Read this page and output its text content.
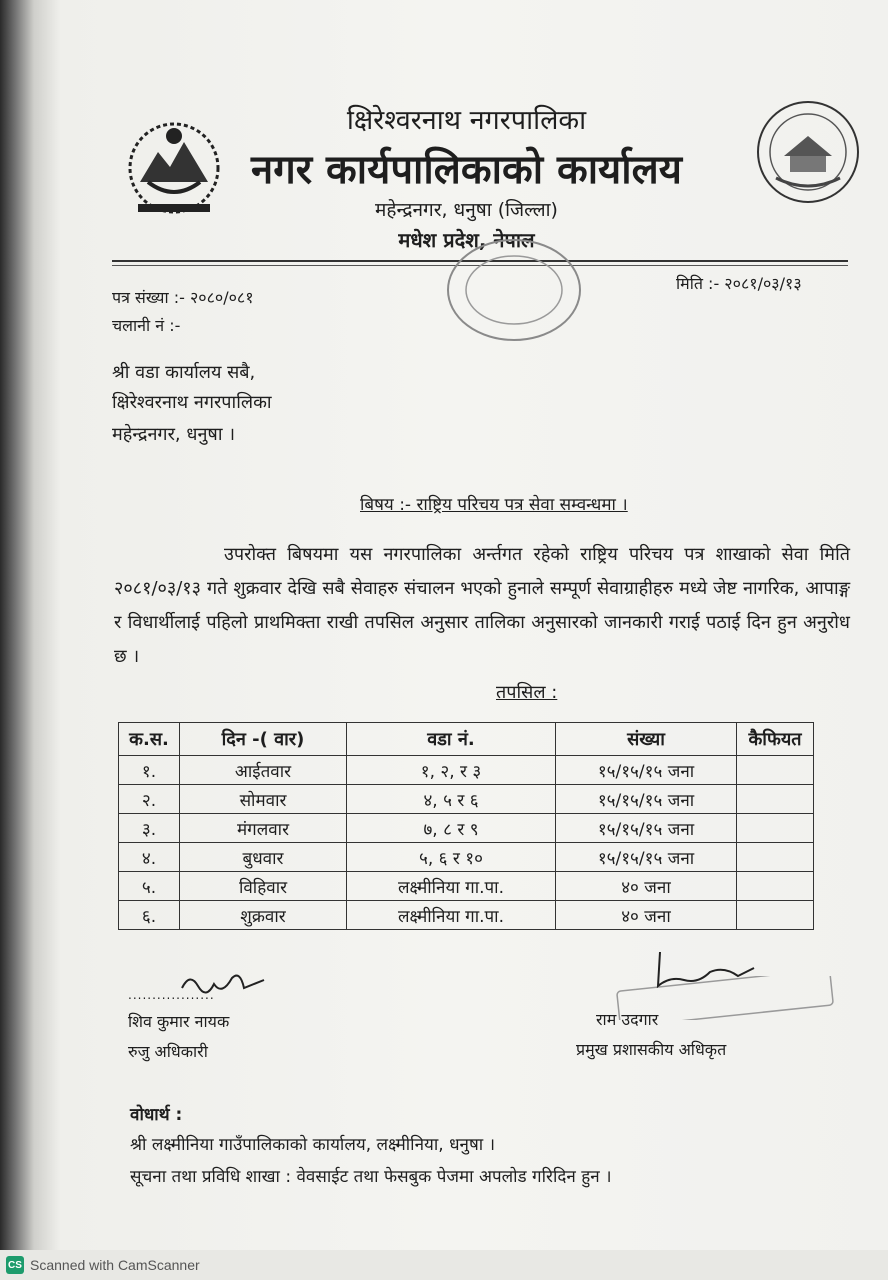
क्षिरेश्वरनाथ नगरपालिका
नगर कार्यपालिकाको कार्यालय
महेन्द्रनगर, धनुषा (जिल्ला)
मधेश प्रदेश, नेपाल
पत्र संख्या :- २०८०/०८१
चलानी नं :-
मिति :- २०८१/०३/१३
श्री वडा कार्यालय सबै,
क्षिरेश्वरनाथ नगरपालिका
महेन्द्रनगर, धनुषा ।
बिषय :- राष्ट्रिय परिचय पत्र सेवा सम्वन्धमा ।
उपरोक्त बिषयमा यस नगरपालिका अर्न्तगत रहेको राष्ट्रिय परिचय पत्र शाखाको सेवा मिति २०८१/०३/१३ गते शुक्रवार देखि सबै सेवाहरु संचालन भएको हुनाले सम्पूर्ण सेवाग्राहीहरु मध्ये जेष्ट नागरिक, आपाङ्ग र विधार्थीलाई पहिलो प्राथमिक्ता राखी तपसिल अनुसार तालिका अनुसारको जानकारी गराई पठाई दिन हुन अनुरोध छ ।
तपसिल :
क.स.	दिन -( वार)	वडा नं.	संख्या	कैफियत
१.	आईतवार	१, २, र ३	१५/१५/१५ जना	
२.	सोमवार	४, ५ र ६	१५/१५/१५ जना	
३.	मंगलवार	७, ८ र ९	१५/१५/१५ जना	
४.	बुधवार	५, ६ र १०	१५/१५/१५ जना	
५.	विहिवार	लक्ष्मीनिया गा.पा.	४० जना	
६.	शुक्रवार	लक्ष्मीनिया गा.पा.	४० जना	
..................
शिव कुमार नायक
रुजु अधिकारी
राम उदगार
प्रमुख प्रशासकीय अधिकृत
वोधार्थ :
श्री लक्ष्मीनिया गाउँपालिकाको कार्यालय, लक्ष्मीनिया, धनुषा ।
सूचना तथा प्रविधि शाखा : वेवसाईट तथा फेसबुक पेजमा अपलोड गरिदिन हुन ।
CS Scanned with CamScanner
